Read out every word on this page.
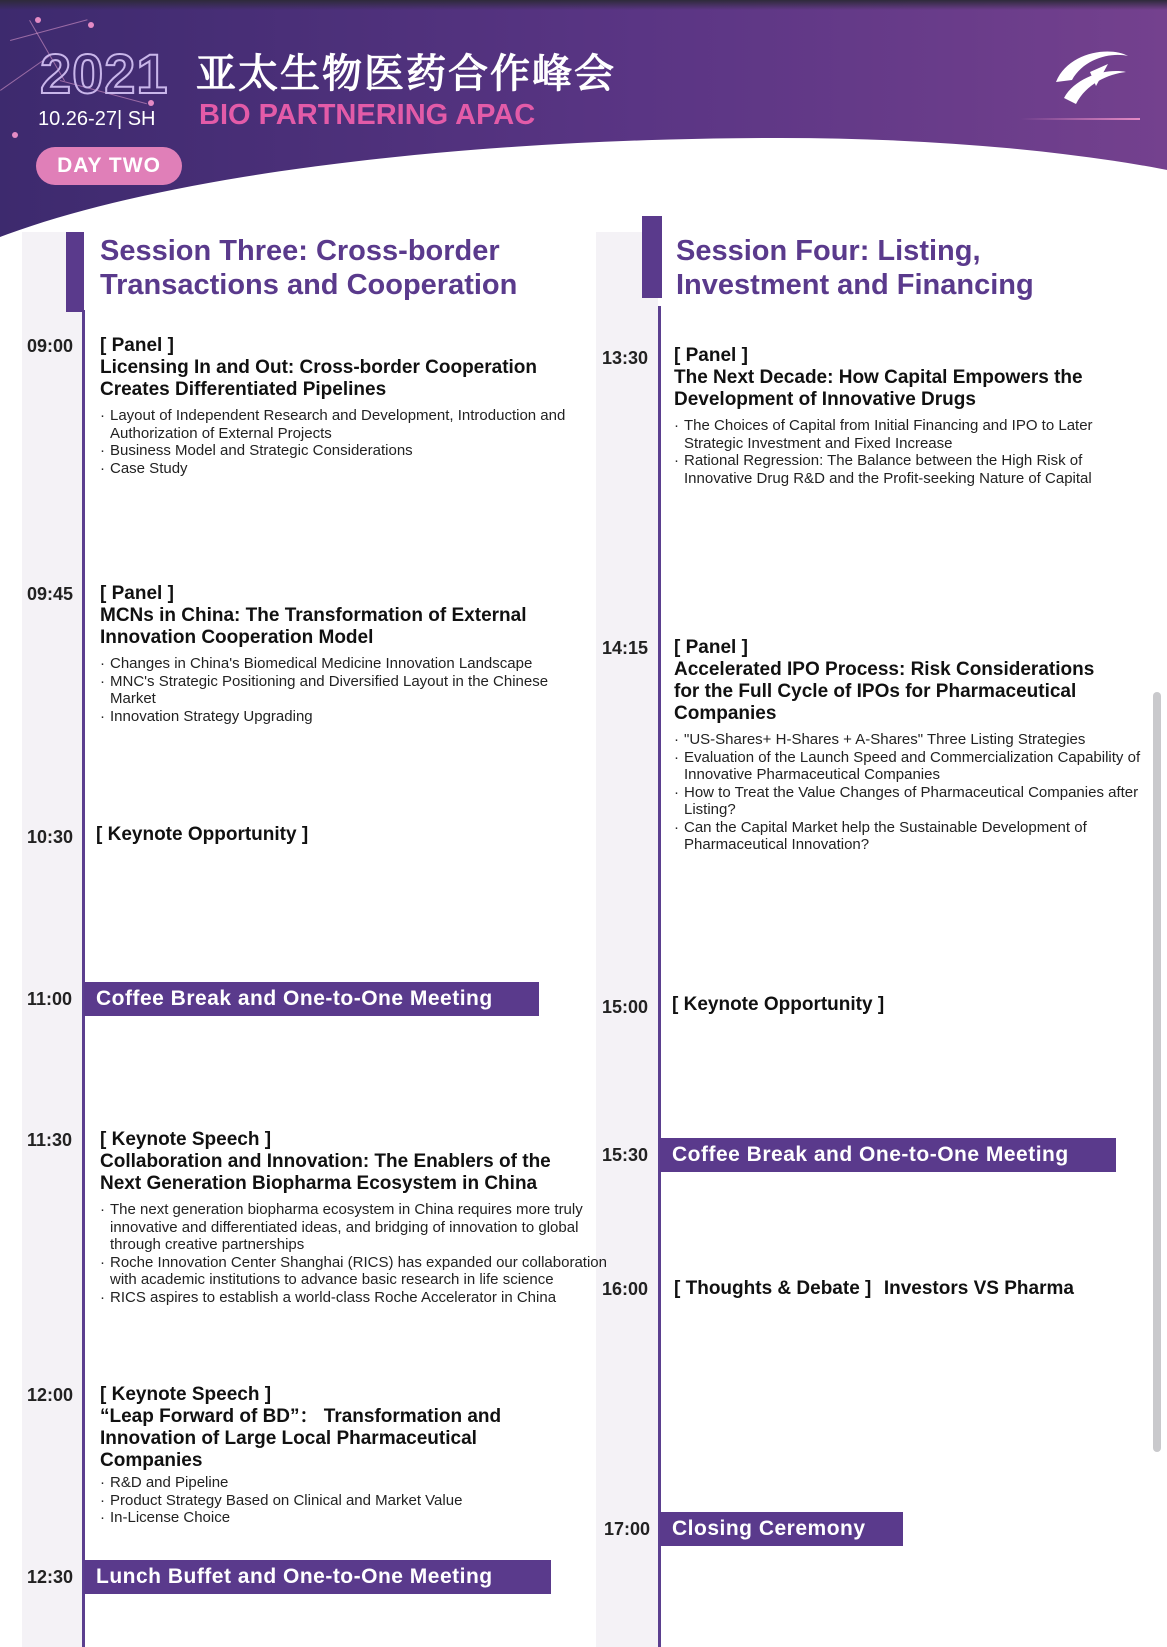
2021 亚太生物医药合作峰会
10.26-27| SH BIO PARTNERING APAC
DAY TWO
Session Three: Cross-border
Transactions and Cooperation
Session Four: Listing,
Investment and Financing
09:00 [ Panel ]
Licensing In and Out: Cross-border Cooperation Creates Differentiated Pipelines
· Layout of Independent Research and Development, Introduction and Authorization of External Projects
· Business Model and Strategic Considerations
· Case Study
09:45 [ Panel ]
MCNs in China: The Transformation of External Innovation Cooperation Model
· Changes in China's Biomedical Medicine Innovation Landscape
· MNC's Strategic Positioning and Diversified Layout in the Chinese Market
· Innovation Strategy Upgrading
10:30 [ Keynote Opportunity ]
11:00	Coffee Break and One-to-One Meeting
11:30 [ Keynote Speech ]
Collaboration and Innovation: The Enablers of the Next Generation Biopharma Ecosystem in China
· The next generation biopharma ecosystem in China requires more truly innovative and differentiated ideas, and bridging of innovation to global through creative partnerships
· Roche Innovation Center Shanghai (RICS) has expanded our collaboration with academic institutions to advance basic research in life science
· RICS aspires to establish a world-class Roche Accelerator in China
12:00 [ Keynote Speech ]
“Leap Forward of BD”： Transformation and Innovation of Large Local Pharmaceutical Companies
· R&D and Pipeline
· Product Strategy Based on Clinical and Market Value
· In-License Choice
12:30	Lunch Buffet and One-to-One Meeting
13:30 [ Panel ]
The Next Decade: How Capital Empowers the Development of Innovative Drugs
· The Choices of Capital from Initial Financing and IPO to Later Strategic Investment and Fixed Increase
· Rational Regression: The Balance between the High Risk of Innovative Drug R&D and the Profit-seeking Nature of Capital
14:15 [ Panel ]
Accelerated IPO Process: Risk Considerations for the Full Cycle of IPOs for Pharmaceutical Companies
· "US-Shares+ H-Shares + A-Shares" Three Listing Strategies
· Evaluation of the Launch Speed and Commercialization Capability of Innovative Pharmaceutical Companies
· How to Treat the Value Changes of Pharmaceutical Companies after Listing?
· Can the Capital Market help the Sustainable Development of Pharmaceutical Innovation?
15:00 [ Keynote Opportunity ]
15:30	Coffee Break and One-to-One Meeting
16:00 [ Thoughts & Debate ] Investors VS Pharma
17:00	Closing Ceremony
